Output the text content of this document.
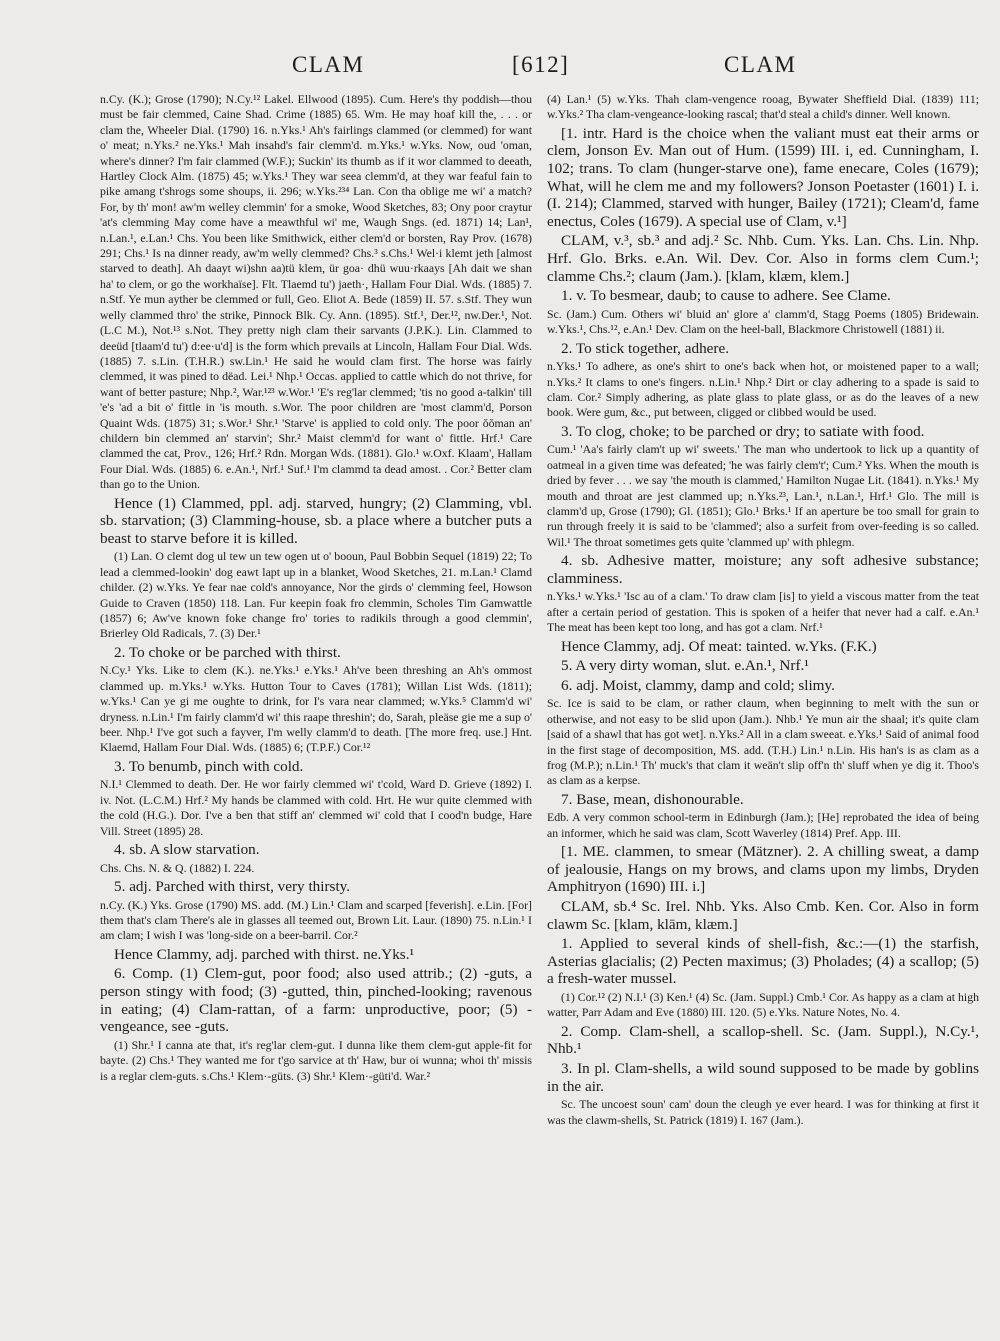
CLAM	[612]	CLAM

n.Cy. (K.); Grose (1790); N.Cy.¹² Lakel. Ellwood (1895). Cum. Here's thy poddish—thou must be fair clemmed, Caine Shad. Crime (1885) 65. Wm. He may hoaf kill the, . . . or clam the, Wheeler Dial. (1790) 16. n.Yks.¹ Ah's fairlings clammed (or clemmed) for want o' meat; n.Yks.² ne.Yks.¹ Mah insahd's fair clemm'd. m.Yks.¹ w.Yks. Now, oud 'oman, where's dinner? I'm fair clammed (W.F.); Suckin' its thumb as if it wor clammed to deeath, Hartley Clock Alm. (1875) 45; w.Yks.¹ They war seea clemm'd, at they war feaful fain to pike amang t'shrogs some shoups, ii. 296; w.Yks.²³⁴ Lan. Con tha oblige me wi' a match? For, by th' mon! aw'm welley clemmin' for a smoke, Wood Sketches, 83; Ony poor craytur 'at's clemming May come have a meawthful wi' me, Waugh Sngs. (ed. 1871) 14; Lan¹, n.Lan.¹, e.Lan.¹ Chs. You been like Smithwick, either clem'd or borsten, Ray Prov. (1678) 291; Chs.¹ Is na dinner ready, aw'm welly clemmed? Chs.³ s.Chs.¹ Wel·i klemt jeth [almost starved to death]. Ah daayt wi)shn aa)tü klem, ür goa· dhü wuu·rkaays [Ah dait we shan ha' to clem, or go the workhaïse]. Flt. Tlaemd tu') jaeth·, Hallam Four Dial. Wds. (1885) 7. n.Stf. Ye mun ayther be clemmed or full, Geo. Eliot A. Bede (1859) II. 57. s.Stf. They wun welly clammed thro' the strike, Pinnock Blk. Cy. Ann. (1895). Stf.¹, Der.¹², nw.Der.¹, Not. (L.C M.), Not.¹³ s.Not. They pretty nigh clam their sarvants (J.P.K.). Lin. Clammed to deeüd [tlaam'd tu') d:ee·u'd] is the form which prevails at Lincoln, Hallam Four Dial. Wds. (1885) 7. s.Lin. (T.H.R.) sw.Lin.¹ He said he would clam first. The horse was fairly clemmed, it was pined to dëad. Lei.¹ Nhp.¹ Occas. applied to cattle which do not thrive, for want of better pasture; Nhp.², War.¹²³ w.Wor.¹ 'E's reg'lar clemmed; 'tis no good a-talkin' till 'e's 'ad a bit o' fittle in 'is mouth. s.Wor. The poor children are 'most clamm'd, Porson Quaint Wds. (1875) 31; s.Wor.¹ Shr.¹ 'Starve' is applied to cold only. The poor ŏŏman an' childern bin clemmed an' starvin'; Shr.² Maist clemm'd for want o' fittle. Hrf.¹ Care clammed the cat, Prov., 126; Hrf.² Rdn. Morgan Wds. (1881). Glo.¹ w.Oxf. Klaam', Hallam Four Dial. Wds. (1885) 6. e.An.¹, Nrf.¹ Suf.¹ I'm clammd ta dead amost. . Cor.² Better clam than go to the Union.

Hence (1) Clammed, ppl. adj. starved, hungry; (2) Clamming, vbl. sb. starvation; (3) Clamming-house, sb. a place where a butcher puts a beast to starve before it is killed.

(1) Lan. O clemt dog ul tew un tew ogen ut o' booun, Paul Bobbin Sequel (1819) 22; To lead a clemmed-lookin' dog eawt lapt up in a blanket, Wood Sketches, 21. m.Lan.¹ Clamd childer. (2) w.Yks. Ye fear nae cold's annoyance, Nor the girds o' clemming feel, Howson Guide to Craven (1850) 118. Lan. Fur keepin foak fro clemmin, Scholes Tim Gamwattle (1857) 6; Aw've known foke change fro' tories to radikils through a good clemmin', Brierley Old Radicals, 7. (3) Der.¹

2. To choke or be parched with thirst.

N.Cy.¹ Yks. Like to clem (K.). ne.Yks.¹ e.Yks.¹ Ah've been threshing an Ah's ommost clammed up. m.Yks.¹ w.Yks. Hutton Tour to Caves (1781); Willan List Wds. (1811); w.Yks.¹ Can ye gi me oughte to drink, for I's vara near clammed; w.Yks.⁵ Clamm'd wi' dryness. n.Lin.¹ I'm fairly clamm'd wi' this raape threshin'; do, Sarah, pleäse gie me a sup o' beer. Nhp.¹ I've got such a fayver, I'm welly clamm'd to death. [The more freq. use.] Hnt. Klaemd, Hallam Four Dial. Wds. (1885) 6; (T.P.F.) Cor.¹²

3. To benumb, pinch with cold.

N.I.¹ Clemmed to death. Der. He wor fairly clemmed wi' t'cold, Ward D. Grieve (1892) I. iv. Not. (L.C.M.) Hrf.² My hands be clammed with cold. Hrt. He wur quite clemmed with the cold (H.G.). Dor. I've a ben that stiff an' clemmed wi' cold that I cood'n budge, Hare Vill. Street (1895) 28.

4. sb. A slow starvation.

Chs. Chs. N. & Q. (1882) I. 224.

5. adj. Parched with thirst, very thirsty.

n.Cy. (K.) Yks. Grose (1790) MS. add. (M.) Lin.¹ Clam and scarped [feverish]. e.Lin. [For] them that's clam There's ale in glasses all teemed out, Brown Lit. Laur. (1890) 75. n.Lin.¹ I am clam; I wish I was 'long-side on a beer-barril. Cor.²

Hence Clammy, adj. parched with thirst. ne.Yks.¹

6. Comp. (1) Clem-gut, poor food; also used attrib.; (2) -guts, a person stingy with food; (3) -gutted, thin, pinched-looking; ravenous in eating; (4) Clam-rattan, of a farm: unproductive, poor; (5) -vengeance, see -guts.

(1) Shr.¹ I canna ate that, it's reg'lar clem-gut. I dunna like them clem-gut apple-fit for bayte. (2) Chs.¹ They wanted me for t'go sarvice at th' Haw, bur oi wunna; whoi th' missis is a reglar clem-guts. s.Chs.¹ Klem·-güts. (3) Shr.¹ Klem·-güti'd. War.²

(4) Lan.¹ (5) w.Yks. Thah clam-vengence rooag, Bywater Sheffield Dial. (1839) 111; w.Yks.² Tha clam-vengeance-looking rascal; that'd steal a child's dinner. Well known.

[1. intr. Hard is the choice when the valiant must eat their arms or clem, Jonson Ev. Man out of Hum. (1599) III. i, ed. Cunningham, I. 102; trans. To clam (hunger-starve one), fame enecare, Coles (1679); What, will he clem me and my followers? Jonson Poetaster (1601) I. i. (I. 214); Clammed, starved with hunger, Bailey (1721); Cleam'd, fame enectus, Coles (1679). A special use of Clam, v.¹]

CLAM, v.³, sb.³ and adj.² Sc. Nhb. Cum. Yks. Lan. Chs. Lin. Nhp. Hrf. Glo. Brks. e.An. Wil. Dev. Cor. Also in forms clem Cum.¹; clamme Chs.²; claum (Jam.). [klam, klæm, klem.]

1. v. To besmear, daub; to cause to adhere. See Clame.

Sc. (Jam.) Cum. Others wi' bluid an' glore a' clamm'd, Stagg Poems (1805) Bridewain. w.Yks.¹, Chs.¹², e.An.¹ Dev. Clam on the heel-ball, Blackmore Christowell (1881) ii.

2. To stick together, adhere.

n.Yks.¹ To adhere, as one's shirt to one's back when hot, or moistened paper to a wall; n.Yks.² It clams to one's fingers. n.Lin.¹ Nhp.² Dirt or clay adhering to a spade is said to clam. Cor.² Simply adhering, as plate glass to plate glass, or as do the leaves of a new book. Were gum, &c., put between, cligged or clibbed would be used.

3. To clog, choke; to be parched or dry; to satiate with food.

Cum.¹ 'Aa's fairly clam't up wi' sweets.' The man who undertook to lick up a quantity of oatmeal in a given time was defeated; 'he was fairly clem't'; Cum.² Yks. When the mouth is dried by fever . . . we say 'the mouth is clammed,' Hamilton Nugae Lit. (1841). n.Yks.¹ My mouth and throat are jest clammed up; n.Yks.²³, Lan.¹, n.Lan.¹, Hrf.¹ Glo. The mill is clamm'd up, Grose (1790); Gl. (1851); Glo.¹ Brks.¹ If an aperture be too small for grain to run through freely it is said to be 'clammed'; also a surfeit from over-feeding is so called. Wil.¹ The throat sometimes gets quite 'clammed up' with phlegm.

4. sb. Adhesive matter, moisture; any soft adhesive substance; clamminess.

n.Yks.¹ w.Yks.¹ 'Isc au of a clam.' To draw clam [is] to yield a viscous matter from the teat after a certain period of gestation. This is spoken of a heifer that never had a calf. e.An.¹ The meat has been kept too long, and has got a clam. Nrf.¹

Hence Clammy, adj. Of meat: tainted. w.Yks. (F.K.)

5. A very dirty woman, slut. e.An.¹, Nrf.¹

6. adj. Moist, clammy, damp and cold; slimy.

Sc. Ice is said to be clam, or rather claum, when beginning to melt with the sun or otherwise, and not easy to be slid upon (Jam.). Nhb.¹ Ye mun air the shaal; it's quite clam [said of a shawl that has got wet]. n.Yks.² All in a clam sweeat. e.Yks.¹ Said of animal food in the first stage of decomposition, MS. add. (T.H.) Lin.¹ n.Lin. His han's is as clam as a frog (M.P.); n.Lin.¹ Th' muck's that clam it weän't slip off'n th' sluff when ye dig it. Thoo's as clam as a kerpse.

7. Base, mean, dishonourable.

Edb. A very common school-term in Edinburgh (Jam.); [He] reprobated the idea of being an informer, which he said was clam, Scott Waverley (1814) Pref. App. III.

[1. ME. clammen, to smear (Mätzner). 2. A chilling sweat, a damp of jealousie, Hangs on my brows, and clams upon my limbs, Dryden Amphitryon (1690) III. i.]

CLAM, sb.⁴ Sc. Irel. Nhb. Yks. Also Cmb. Ken. Cor. Also in form clawm Sc. [klam, klām, klæm.]

1. Applied to several kinds of shell-fish, &c.:—(1) the starfish, Asterias glacialis; (2) Pecten maximus; (3) Pholades; (4) a scallop; (5) a fresh-water mussel.

(1) Cor.¹² (2) N.I.¹ (3) Ken.¹ (4) Sc. (Jam. Suppl.) Cmb.¹ Cor. As happy as a clam at high watter, Parr Adam and Eve (1880) III. 120. (5) e.Yks. Nature Notes, No. 4.

2. Comp. Clam-shell, a scallop-shell. Sc. (Jam. Suppl.), N.Cy.¹, Nhb.¹

3. In pl. Clam-shells, a wild sound supposed to be made by goblins in the air.

Sc. The uncoest soun' cam' doun the cleugh ye ever heard. I was for thinking at first it was the clawm-shells, St. Patrick (1819) I. 167 (Jam.).
